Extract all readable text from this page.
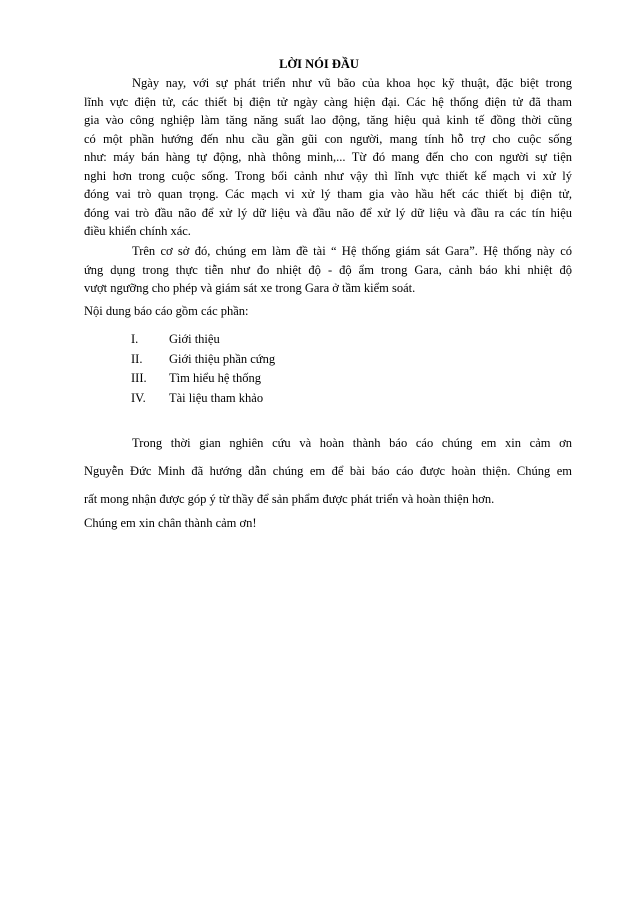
LỜI NÓI ĐẦU
Ngày nay, với sự phát triển như vũ bão của khoa học kỹ thuật, đặc biệt trong
lĩnh vực điện tử, các thiết bị điện tử ngày càng hiện đại. Các hệ thống điện tử đã tham
gia vào công nghiệp làm tăng năng suất lao động, tăng hiệu quả kinh tế đồng thời cũng
có một phần hướng đến nhu cầu gần gũi con người, mang tính hỗ trợ cho cuộc sống
như: máy bán hàng tự động, nhà thông minh,... Từ đó mang đến cho con người sự tiện
nghi hơn trong cuộc sống. Trong bối cảnh như vậy thì lĩnh vực thiết kế mạch vi xử lý
đóng vai trò quan trọng. Các mạch vi xử lý tham gia vào hầu hết các thiết bị điện tử,
đóng vai trò đầu não để xử lý dữ liệu và đầu não để xử lý dữ liệu và đầu ra các tín hiệu
điều khiển chính xác.
Trên cơ sở đó, chúng em làm đề tài “ Hệ thống giám sát Gara”. Hệ thống này có
ứng dụng trong thực tiễn như đo nhiệt độ - độ ẩm trong Gara, cảnh báo khi nhiệt độ
vượt ngưỡng cho phép và giám sát xe trong Gara ở tầm kiểm soát.
Nội dung báo cáo gồm các phần:
I.	Giới thiệu
II.	Giới thiệu phần cứng
III.	Tìm hiểu hệ thống
IV.	Tài liệu tham khảo
Trong thời gian nghiên cứu và hoàn thành báo cáo chúng em xin cảm ơn
Nguyễn Đức Minh đã hướng dẫn chúng em để bài báo cáo được hoàn thiện. Chúng em
rất mong nhận được góp ý từ thầy để sản phẩm được phát triển và hoàn thiện hơn.
Chúng em xin chân thành cảm ơn!
